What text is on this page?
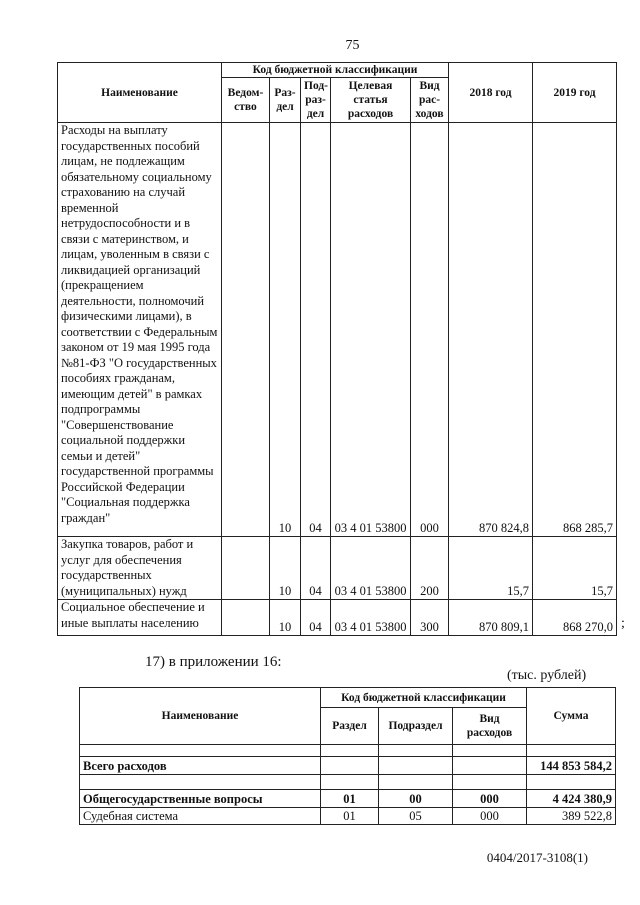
75
Наименование	Код бюджетной классификации					2018 год	2019 год
	Ведом-ство	Раз-дел	Под-раз-дел	Целевая статья расходов	Вид рас-ходов		
Расходы на выплату государственных пособий лицам, не подлежащим обязательному социальному страхованию на случай временной нетрудоспособности и в связи с материнством, и лицам, уволенным в связи с ликвидацией организаций (прекращением деятельности, полномочий физическими лицами), в соответствии с Федеральным законом от 19 мая 1995 года №81-ФЗ "О государственных пособиях гражданам, имеющим детей" в рамках подпрограммы "Совершенствование социальной поддержки семьи и детей" государственной программы Российской Федерации "Социальная поддержка граждан"		10	04	03 4 01 53800	000	870 824,8	868 285,7
Закупка товаров, работ и услуг для обеспечения государственных (муниципальных) нужд		10	04	03 4 01 53800	200	15,7	15,7
Социальное обеспечение и иные выплаты населению		10	04	03 4 01 53800	300	870 809,1	868 270,0 ;
17) в приложении 16:
(тыс. рублей)
Наименование	Код бюджетной классификации			Сумма
	Раздел	Подраздел	Вид расходов	

Всего расходов				144 853 584,2

Общегосударственные вопросы	01	00	000	4 424 380,9
Судебная система	01	05	000	389 522,8
0404/2017-3108(1)
